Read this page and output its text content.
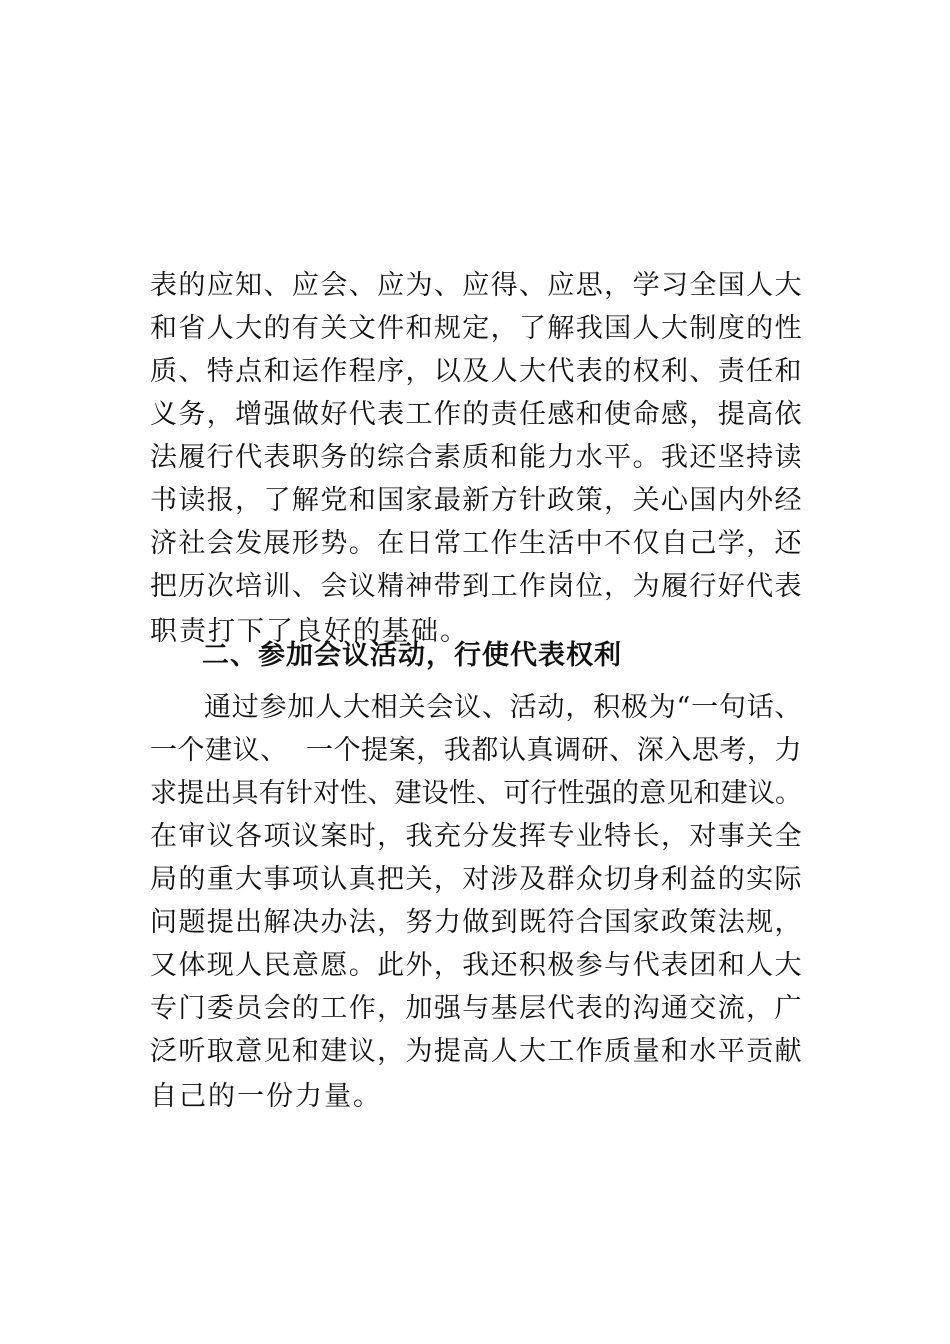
表的应知、应会、应为、应得、应思，学习全国人大
和省人大的有关文件和规定，了解我国人大制度的性
质、特点和运作程序，以及人大代表的权利、责任和
义务，增强做好代表工作的责任感和使命感，提高依
法履行代表职务的综合素质和能力水平。我还坚持读
书读报，了解党和国家最新方针政策，关心国内外经
济社会发展形势。在日常工作生活中不仅自己学，还
把历次培训、会议精神带到工作岗位，为履行好代表
职责打下了良好的基础。
二、参加会议活动，行使代表权利
通过参加人大相关会议、活动，积极为“一句话、
一个建议、  一个提案，我都认真调研、深入思考，力
求提出具有针对性、建设性、可行性强的意见和建议。
在审议各项议案时，我充分发挥专业特长，对事关全
局的重大事项认真把关，对涉及群众切身利益的实际
问题提出解决办法，努力做到既符合国家政策法规，
又体现人民意愿。此外，我还积极参与代表团和人大
专门委员会的工作，加强与基层代表的沟通交流，广
泛听取意见和建议，为提高人大工作质量和水平贡献
自己的一份力量。
